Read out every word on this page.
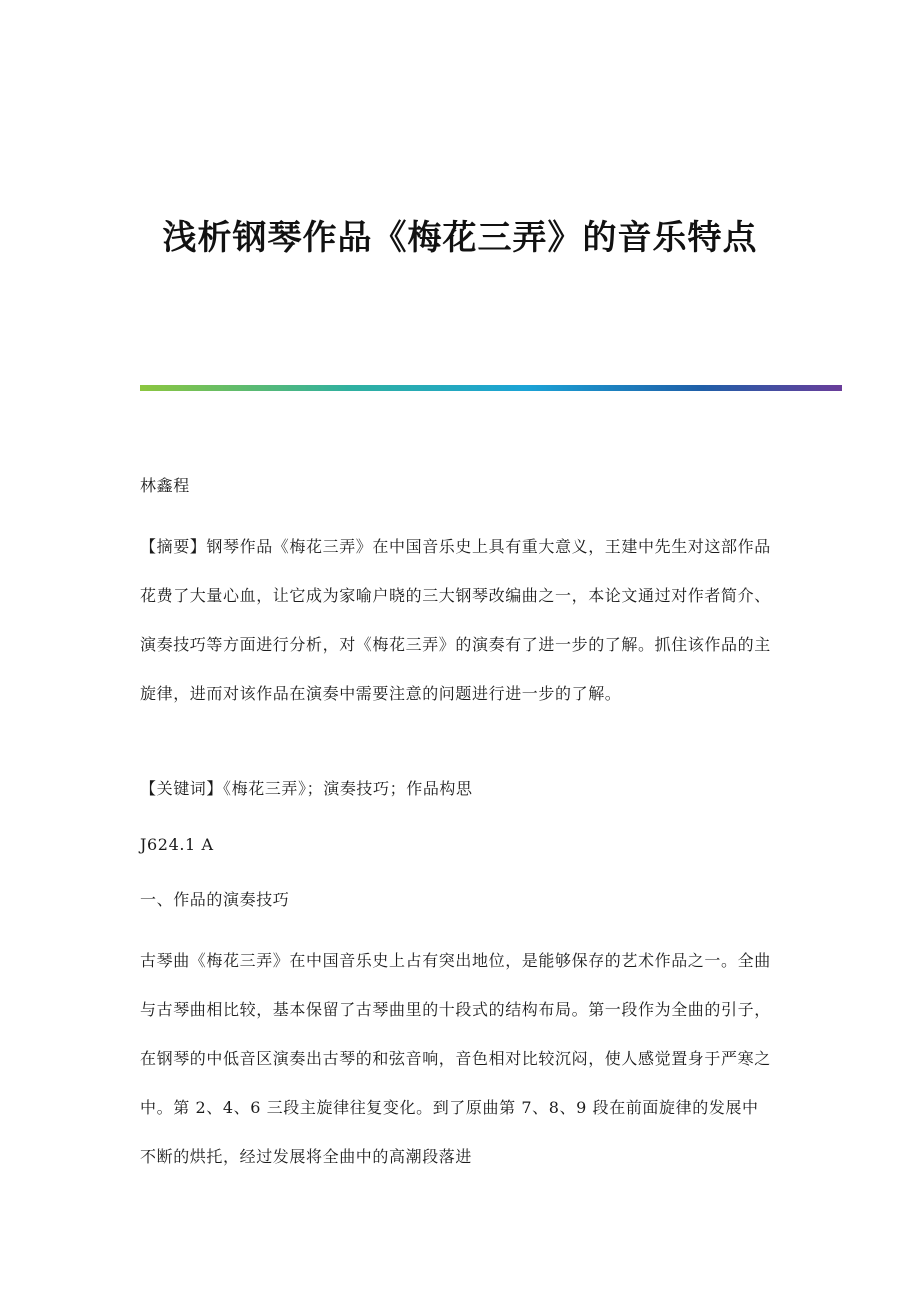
浅析钢琴作品《梅花三弄》的音乐特点

林鑫程

【摘要】钢琴作品《梅花三弄》在中国音乐史上具有重大意义，王建中先生对这部作品花费了大量心血，让它成为家喻户晓的三大钢琴改编曲之一，本论文通过对作者简介、演奏技巧等方面进行分析，对《梅花三弄》的演奏有了进一步的了解。抓住该作品的主旋律，进而对该作品在演奏中需要注意的问题进行进一步的了解。

【关键词】《梅花三弄》；演奏技巧；作品构思

J624.1 A

一、作品的演奏技巧

古琴曲《梅花三弄》在中国音乐史上占有突出地位，是能够保存的艺术作品之一。全曲与古琴曲相比较，基本保留了古琴曲里的十段式的结构布局。第一段作为全曲的引子，在钢琴的中低音区演奏出古琴的和弦音响，音色相对比较沉闷，使人感觉置身于严寒之中。第 2、4、6 三段主旋律往复变化。到了原曲第 7、8、9 段在前面旋律的发展中不断的烘托，经过发展将全曲中的高潮段落进
